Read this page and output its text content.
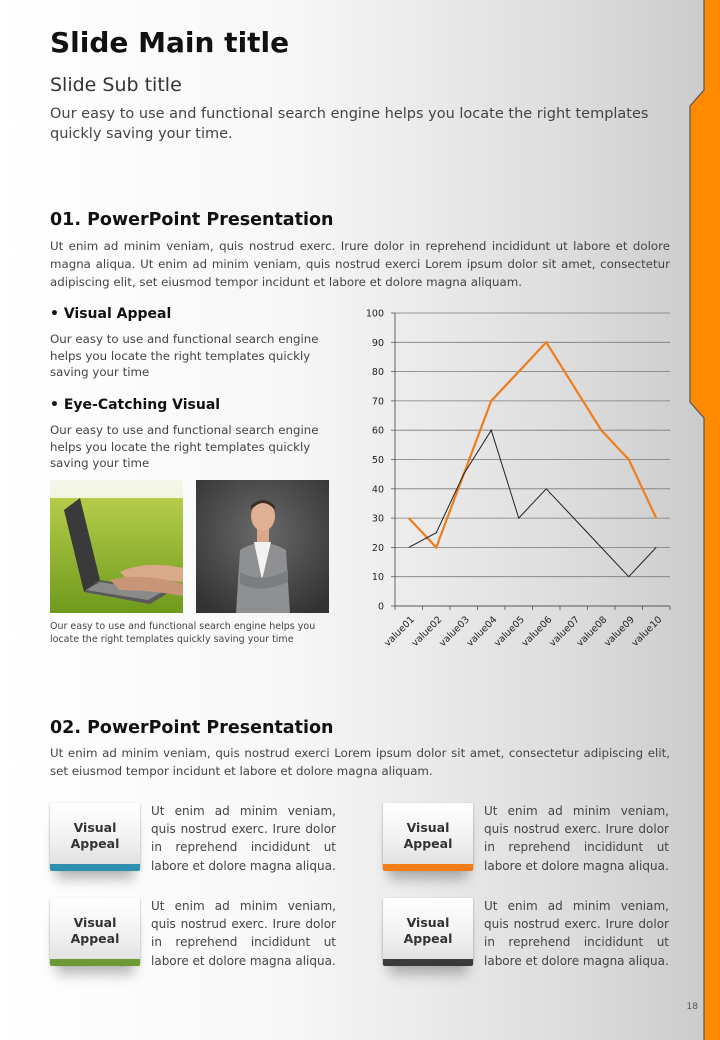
Slide Main title
Slide Sub title
Our easy to use and functional search engine helps you locate the right templates quickly saving your time.
01. PowerPoint Presentation
Ut enim ad minim veniam, quis nostrud exerc. Irure dolor in reprehend incididunt ut labore et dolore magna aliqua. Ut enim ad minim veniam, quis nostrud exerci Lorem ipsum dolor sit amet, consectetur adipiscing elit, set eiusmod tempor incidunt et labore et dolore magna aliquam.
• Visual Appeal
Our easy to use and functional search engine helps you locate the right templates quickly saving your time
• Eye-Catching Visual
Our easy to use and functional search engine helps you locate the right templates quickly saving your time
Our easy to use and functional search engine helps you locate the right templates quickly saving your time
0
10
20
30
40
50
60
70
80
90
100
value01
value02
value03
value04
value05
value06
value07
value08
value09
value10
02. PowerPoint Presentation
Ut enim ad minim veniam, quis nostrud exerci Lorem ipsum dolor sit amet, consectetur adipiscing elit, set eiusmod tempor incidunt et labore et dolore magna aliquam.
Visual
Appeal
Ut enim ad minim veniam, quis nostrud exerc. Irure dolor in reprehend incididunt ut labore et dolore magna aliqua.
Visual
Appeal
Ut enim ad minim veniam, quis nostrud exerc. Irure dolor in reprehend incididunt ut labore et dolore magna aliqua.
Visual
Appeal
Ut enim ad minim veniam, quis nostrud exerc. Irure dolor in reprehend incididunt ut labore et dolore magna aliqua.
Visual
Appeal
Ut enim ad minim veniam, quis nostrud exerc. Irure dolor in reprehend incididunt ut labore et dolore magna aliqua.
18
